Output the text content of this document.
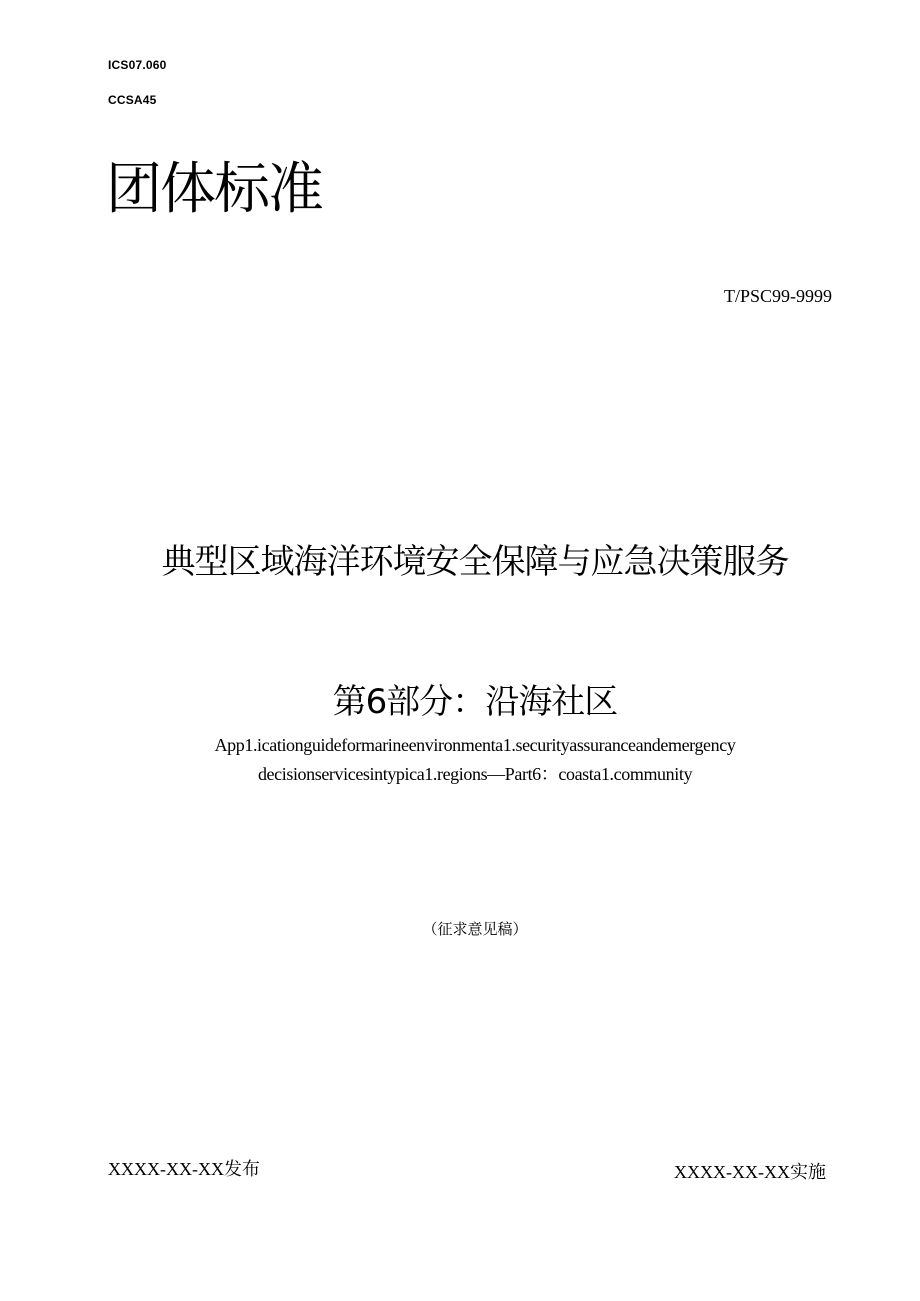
ICS07.060
CCSA45
团体标准
T/PSC99-9999
典型区域海洋环境安全保障与应急决策服务
第6部分：沿海社区
App1.icationguideformarineenvironmenta1.securityassuranceandemergency
decisionservicesintypica1.regions—Part6：coasta1.community
（征求意见稿）
XXXX-XX-XX发布	XXXX-XX-XX实施
